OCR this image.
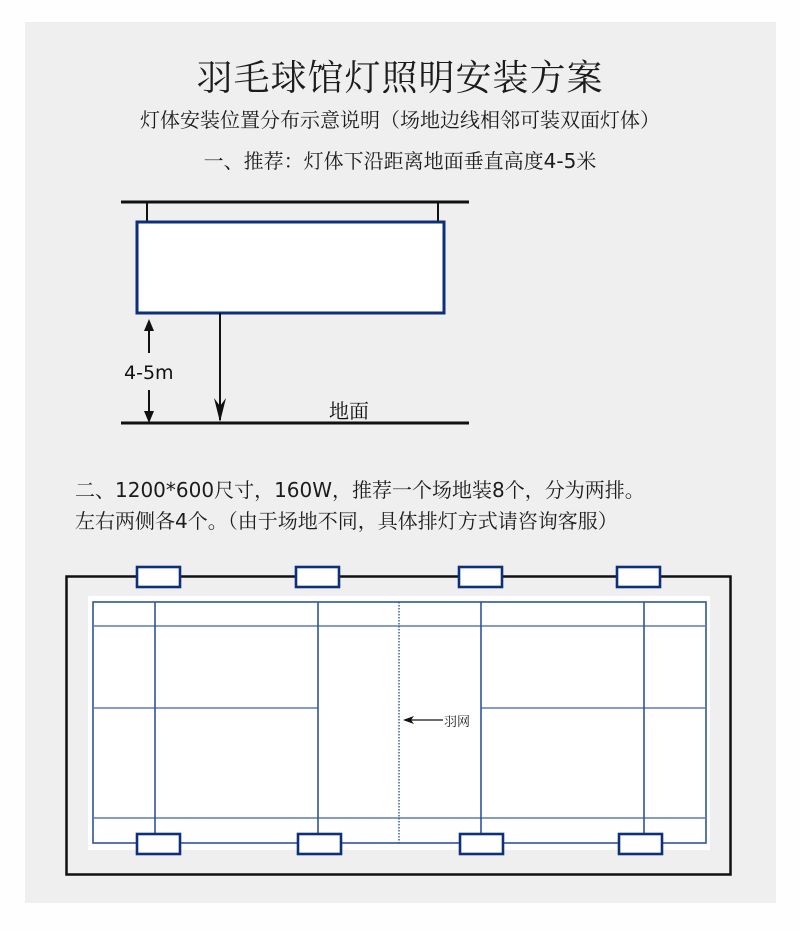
羽毛球馆灯照明安装方案
灯体安装位置分布示意说明（场地边线相邻可装双面灯体）
一、推荐：灯体下沿距离地面垂直高度4-5米
4-5m
地面
二、1200*600尺寸，160W，推荐一个场地装8个，分为两排。
左右两侧各4个。（由于场地不同，具体排灯方式请咨询客服）
羽网
